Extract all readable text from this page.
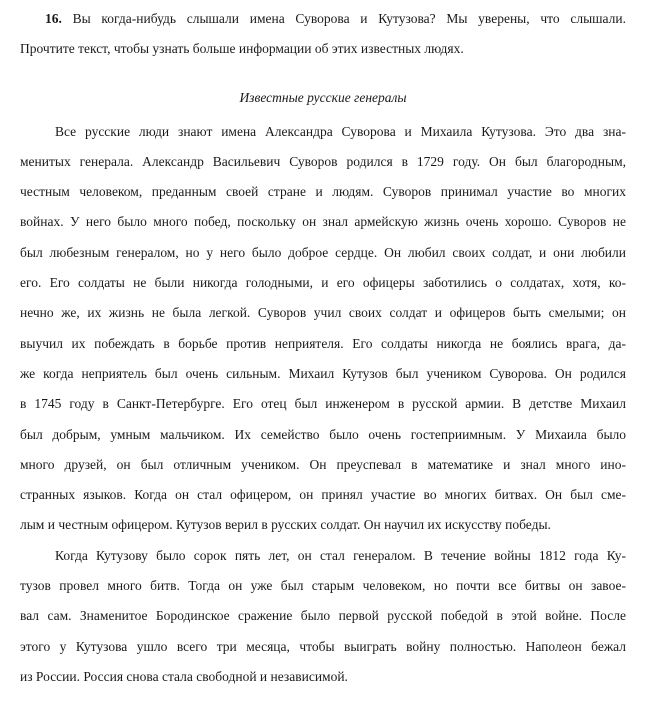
16. Вы когда-нибудь слышали имена Суворова и Кутузова? Мы уверены, что слышали.
Прочтите текст, чтобы узнать больше информации об этих известных людях.
Известные русские генералы
Все русские люди знают имена Александра Суворова и Михаила Кутузова. Это два зна-
менитых генерала. Александр Васильевич Суворов родился в 1729 году. Он был благородным,
честным человеком, преданным своей стране и людям. Суворов принимал участие во многих
войнах. У него было много побед, поскольку он знал армейскую жизнь очень хорошо. Суворов не
был любезным генералом, но у него было доброе сердце. Он любил своих солдат, и они любили
его. Его солдаты не были никогда голодными, и его офицеры заботились о солдатах, хотя, ко-
нечно же, их жизнь не была легкой. Суворов учил своих солдат и офицеров быть смелыми; он
выучил их побеждать в борьбе против неприятеля. Его солдаты никогда не боялись врага, да-
же когда неприятель был очень сильным. Михаил Кутузов был учеником Суворова. Он родился
в 1745 году в Санкт-Петербурге. Его отец был инженером в русской армии. В детстве Михаил
был добрым, умным мальчиком. Их семейство было очень гостеприимным. У Михаила было
много друзей, он был отличным учеником. Он преуспевал в математике и знал много ино-
странных языков. Когда он стал офицером, он принял участие во многих битвах. Он был сме-
лым и честным офицером. Кутузов верил в русских солдат. Он научил их искусству победы.
Когда Кутузову было сорок пять лет, он стал генералом. В течение войны 1812 года Ку-
тузов провел много битв. Тогда он уже был старым человеком, но почти все битвы он завое-
вал сам. Знаменитое Бородинское сражение было первой русской победой в этой войне. После
этого у Кутузова ушло всего три месяца, чтобы выиграть войну полностью. Наполеон бежал
из России. Россия снова стала свободной и независимой.
